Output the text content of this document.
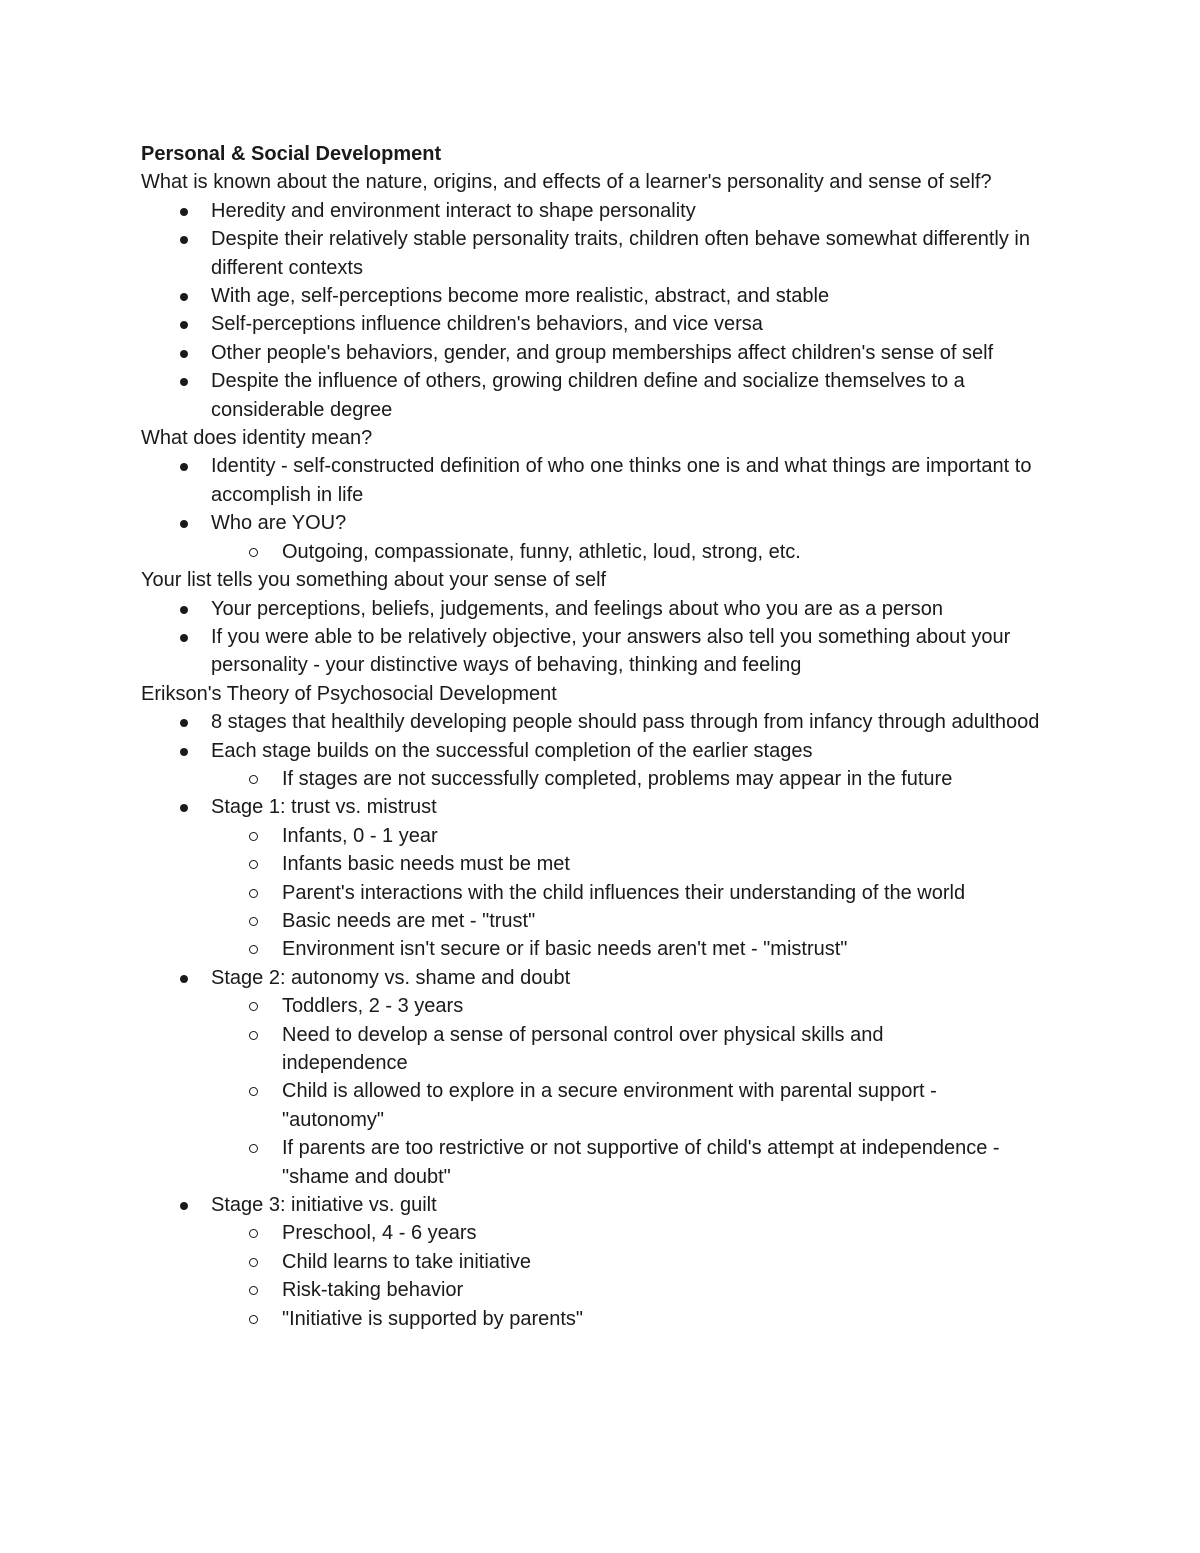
Personal & Social Development
What is known about the nature, origins, and effects of a learner's personality and sense of self?
Heredity and environment interact to shape personality
Despite their relatively stable personality traits, children often behave somewhat differently in different contexts
With age, self-perceptions become more realistic, abstract, and stable
Self-perceptions influence children's behaviors, and vice versa
Other people's behaviors, gender, and group memberships affect children's sense of self
Despite the influence of others, growing children define and socialize themselves to a considerable degree
What does identity mean?
Identity - self-constructed definition of who one thinks one is and what things are important to accomplish in life
Who are YOU?
Outgoing, compassionate, funny, athletic, loud, strong, etc.
Your list tells you something about your sense of self
Your perceptions, beliefs, judgements, and feelings about who you are as a person
If you were able to be relatively objective, your answers also tell you something about your personality - your distinctive ways of behaving, thinking and feeling
Erikson's Theory of Psychosocial Development
8 stages that healthily developing people should pass through from infancy through adulthood
Each stage builds on the successful completion of the earlier stages
If stages are not successfully completed, problems may appear in the future
Stage 1: trust vs. mistrust
Infants, 0 - 1 year
Infants basic needs must be met
Parent's interactions with the child influences their understanding of the world
Basic needs are met - "trust"
Environment isn't secure or if basic needs aren't met - "mistrust"
Stage 2: autonomy vs. shame and doubt
Toddlers, 2 - 3 years
Need to develop a sense of personal control over physical skills and independence
Child is allowed to explore in a secure environment with parental support - "autonomy"
If parents are too restrictive or not supportive of child's attempt at independence - "shame and doubt"
Stage 3: initiative vs. guilt
Preschool, 4 - 6 years
Child learns to take initiative
Risk-taking behavior
"Initiative is supported by parents"
